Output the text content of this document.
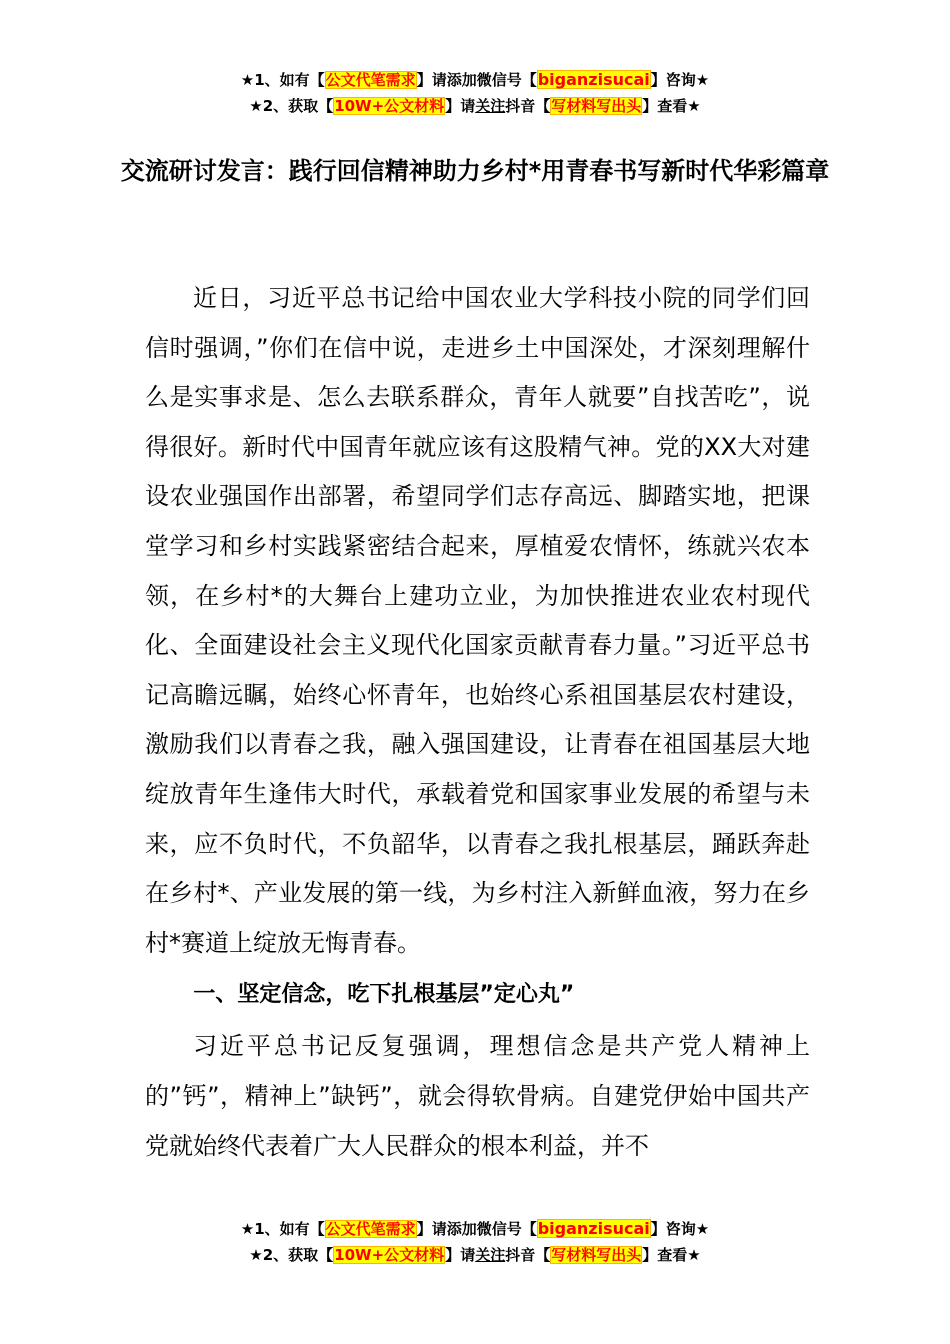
★1、如有【公文代笔需求】请添加微信号【biganzisucai】咨询★
★2、获取【10W+公文材料】请关注抖音【写材料写出头】查看★
交流研讨发言：践行回信精神助力乡村*用青春书写新时代华彩篇章

近日，习近平总书记给中国农业大学科技小院的同学们回信时强调，”你们在信中说，走进乡土中国深处，才深刻理解什么是实事求是、怎么去联系群众，青年人就要”自找苦吃”，说得很好。新时代中国青年就应该有这股精气神。党的XX大对建设农业强国作出部署，希望同学们志存高远、脚踏实地，把课堂学习和乡村实践紧密结合起来，厚植爱农情怀，练就兴农本领，在乡村*的大舞台上建功立业，为加快推进农业农村现代化、全面建设社会主义现代化国家贡献青春力量。”习近平总书记高瞻远瞩，始终心怀青年，也始终心系祖国基层农村建设，激励我们以青春之我，融入强国建设，让青春在祖国基层大地绽放青年生逢伟大时代，承载着党和国家事业发展的希望与未来，应不负时代，不负韶华，以青春之我扎根基层，踊跃奔赴在乡村*、产业发展的第一线，为乡村注入新鲜血液，努力在乡村*赛道上绽放无悔青春。

一、坚定信念，吃下扎根基层”定心丸”

习近平总书记反复强调，理想信念是共产党人精神上的”钙”，精神上”缺钙”，就会得软骨病。自建党伊始中国共产党就始终代表着广大人民群众的根本利益，并不

★1、如有【公文代笔需求】请添加微信号【biganzisucai】咨询★
★2、获取【10W+公文材料】请关注抖音【写材料写出头】查看★
